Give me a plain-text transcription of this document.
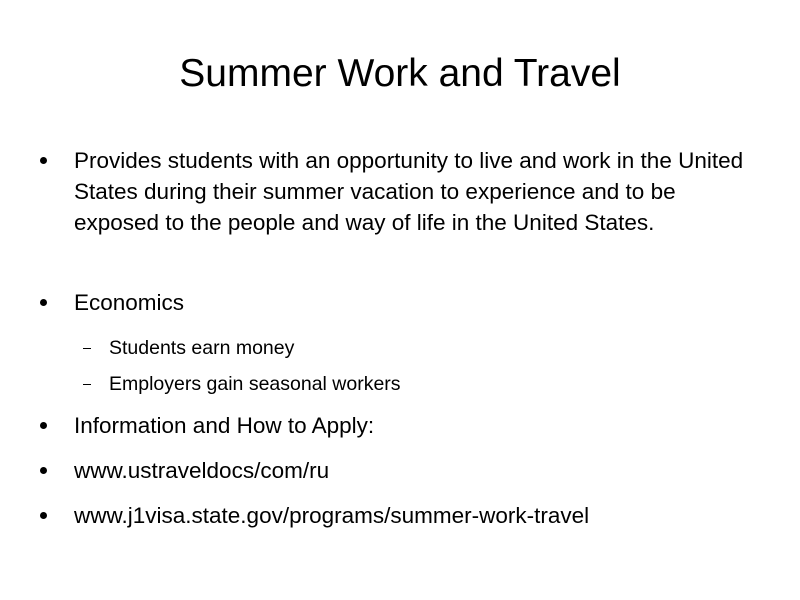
Summer Work and Travel
Provides students with an opportunity to live and work in the United States during their summer vacation to experience and to be exposed to the people and way of life in the United States.
Economics
Students earn money
Employers gain seasonal workers
Information and How to Apply:
www.ustraveldocs/com/ru
www.j1visa.state.gov/programs/summer-work-travel
